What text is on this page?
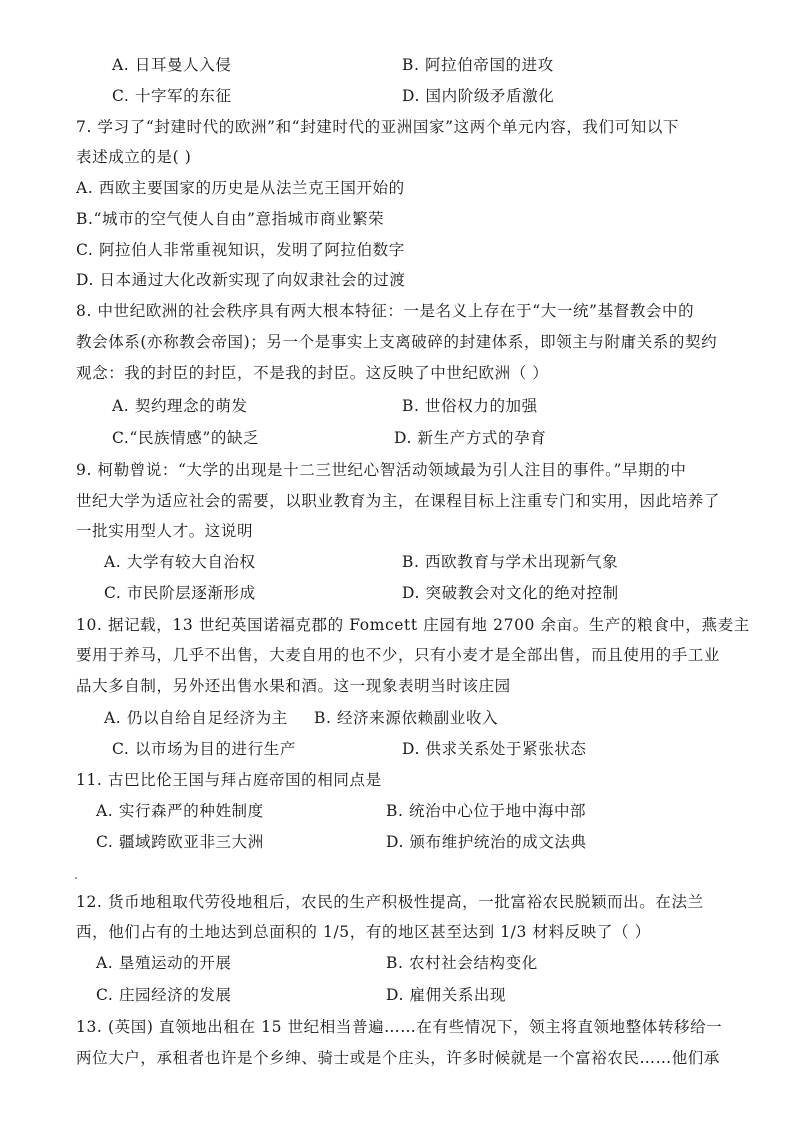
A. 日耳曼人入侵	B. 阿拉伯帝国的进攻
C. 十字军的东征	D. 国内阶级矛盾激化
7. 学习了“封建时代的欧洲”和“封建时代的亚洲国家”这两个单元内容，我们可知以下
表述成立的是( )
A. 西欧主要国家的历史是从法兰克王国开始的
B.“城市的空气使人自由”意指城市商业繁荣
C. 阿拉伯人非常重视知识，发明了阿拉伯数字
D. 日本通过大化改新实现了向奴隶社会的过渡
8. 中世纪欧洲的社会秩序具有两大根本特征：一是名义上存在于“大一统”基督教会中的
教会体系(亦称教会帝国)；另一个是事实上支离破碎的封建体系，即领主与附庸关系的契约
观念：我的封臣的封臣，不是我的封臣。这反映了中世纪欧洲（ ）
A. 契约理念的萌发	B. 世俗权力的加强
C.“民族情感”的缺乏	D. 新生产方式的孕育
9. 柯勒曾说：“大学的出现是十二三世纪心智活动领域最为引人注目的事件。”早期的中
世纪大学为适应社会的需要，以职业教育为主，在课程目标上注重专门和实用，因此培养了
一批实用型人才。这说明
A. 大学有较大自治权	B. 西欧教育与学术出现新气象
C. 市民阶层逐渐形成	D. 突破教会对文化的绝对控制
10. 据记载，13 世纪英国诺福克郡的 Fomcett 庄园有地 2700 余亩。生产的粮食中，燕麦主
要用于养马，几乎不出售，大麦自用的也不少，只有小麦才是全部出售，而且使用的手工业
品大多自制，另外还出售水果和酒。这一现象表明当时该庄园
A. 仍以自给自足经济为主 B. 经济来源依赖副业收入
C. 以市场为目的进行生产	D. 供求关系处于紧张状态
11. 古巴比伦王国与拜占庭帝国的相同点是
A. 实行森严的种姓制度	B. 统治中心位于地中海中部
C. 疆域跨欧亚非三大洲	D. 颁布维护统治的成文法典
12. 货币地租取代劳役地租后，农民的生产积极性提高，一批富裕农民脱颖而出。在法兰
西，他们占有的土地达到总面积的 1/5，有的地区甚至达到 1/3 材料反映了（ ）
A. 垦殖运动的开展	B. 农村社会结构变化
C. 庄园经济的发展	D. 雇佣关系出现
13. (英国) 直领地出租在 15 世纪相当普遍……在有些情况下，领主将直领地整体转移给一
两位大户，承租者也许是个乡绅、骑士或是个庄头，许多时候就是一个富裕农民……他们承
